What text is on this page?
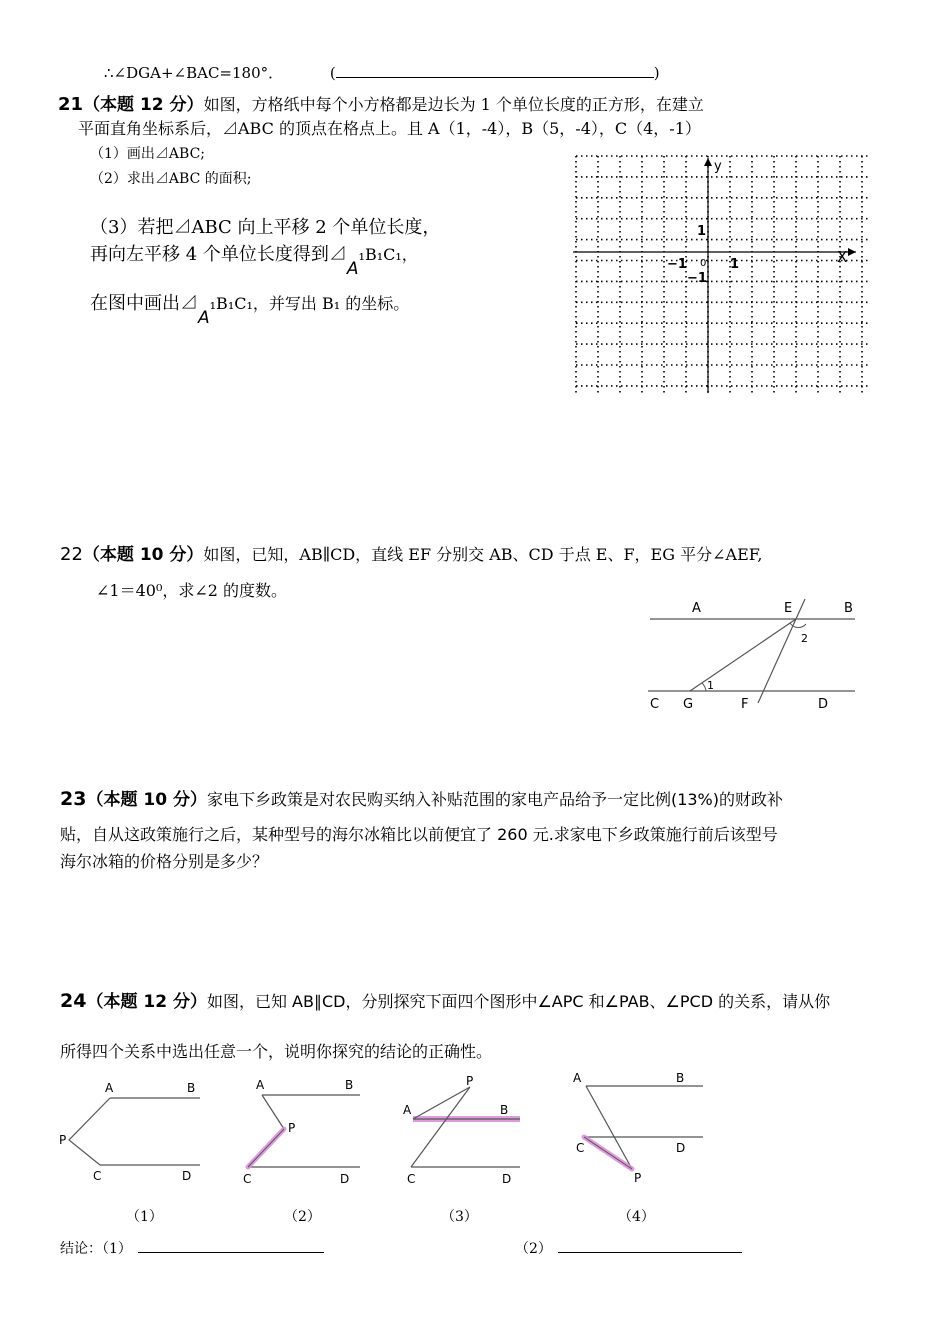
∴∠DGA+∠BAC=180°．	(	)
21（本题 12 分）如图，方格纸中每个小方格都是边长为 1 个单位长度的正方形，在建立
平面直角坐标系后，⊿ABC 的顶点在格点上。且 A（1，-4），B（5，-4），C（4，-1）
（1）画出⊿ABC;
（2）求出⊿ABC 的面积;
（3）若把⊿ABC 向上平移 2 个单位长度，
再向左平移 4 个单位长度得到⊿A₁B₁C₁，
在图中画出⊿A₁B₁C₁，并写出 B₁ 的坐标。
y
X
1
−1 0 1
−1
22（本题 10 分）如图，已知，AB∥CD，直线 EF 分别交 AB、CD 于点 E、F，EG 平分∠AEF,
∠1＝40⁰，求∠2 的度数。
A	E	B
2
1
C G	F	D
23（本题 10 分）家电下乡政策是对农民购买纳入补贴范围的家电产品给予一定比例(13%)的财政补
贴，自从这政策施行之后，某种型号的海尔冰箱比以前便宜了 260 元.求家电下乡政策施行前后该型号
海尔冰箱的价格分别是多少？
24（本题 12 分）如图，已知 AB∥CD，分别探究下面四个图形中∠APC 和∠PAB、∠PCD 的关系，请从你
所得四个关系中选出任意一个，说明你探究的结论的正确性。
A	B
P
C	D
（1）
A	B
P
C	D
（2）
P
A	B
C	D
（3）
A	B
C	D
P
（4）
结论：（1）	（2）
